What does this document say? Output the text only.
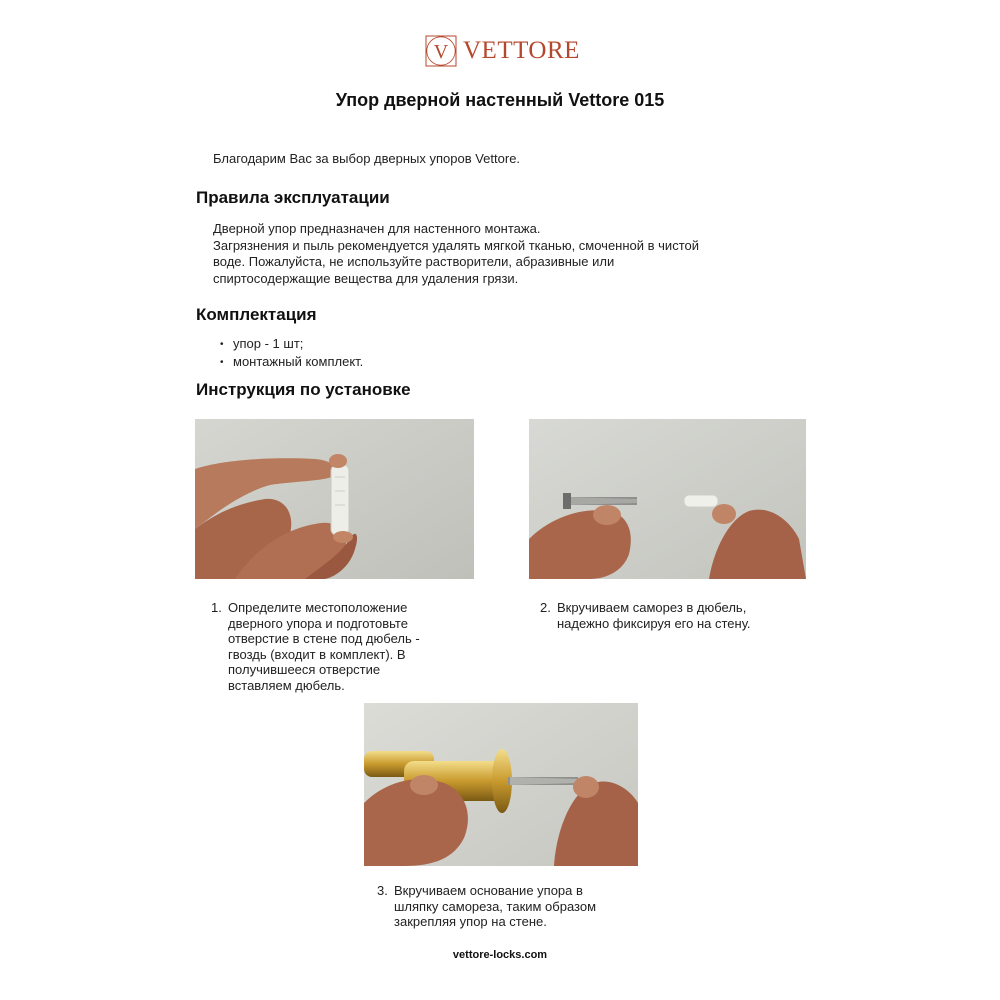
V VETTORE
Упор дверной настенный Vettore 015

Благодарим Вас за выбор дверных упоров Vettore.

Правила эксплуатации
Дверной упор предназначен для настенного монтажа.
Загрязнения и пыль рекомендуется удалять мягкой тканью, смоченной в чистой
воде. Пожалуйста, не используйте растворители, абразивные или
спиртосодержащие вещества для удаления грязи.
Комплектация
• упор - 1 шт;
• монтажный комплект.
Инструкция по установке

1. Определите местоположение
дверного упора и подготовьте
отверстие в стене под дюбель -
гвоздь (входит в комплект). В
получившееся отверстие
вставляем дюбель.

2. Вкручиваем саморез в дюбель,
надежно фиксируя его на стену.

3. Вкручиваем основание упора в
шляпку самореза, таким образом
закрепляя упор на стене.

vettore-locks.com
